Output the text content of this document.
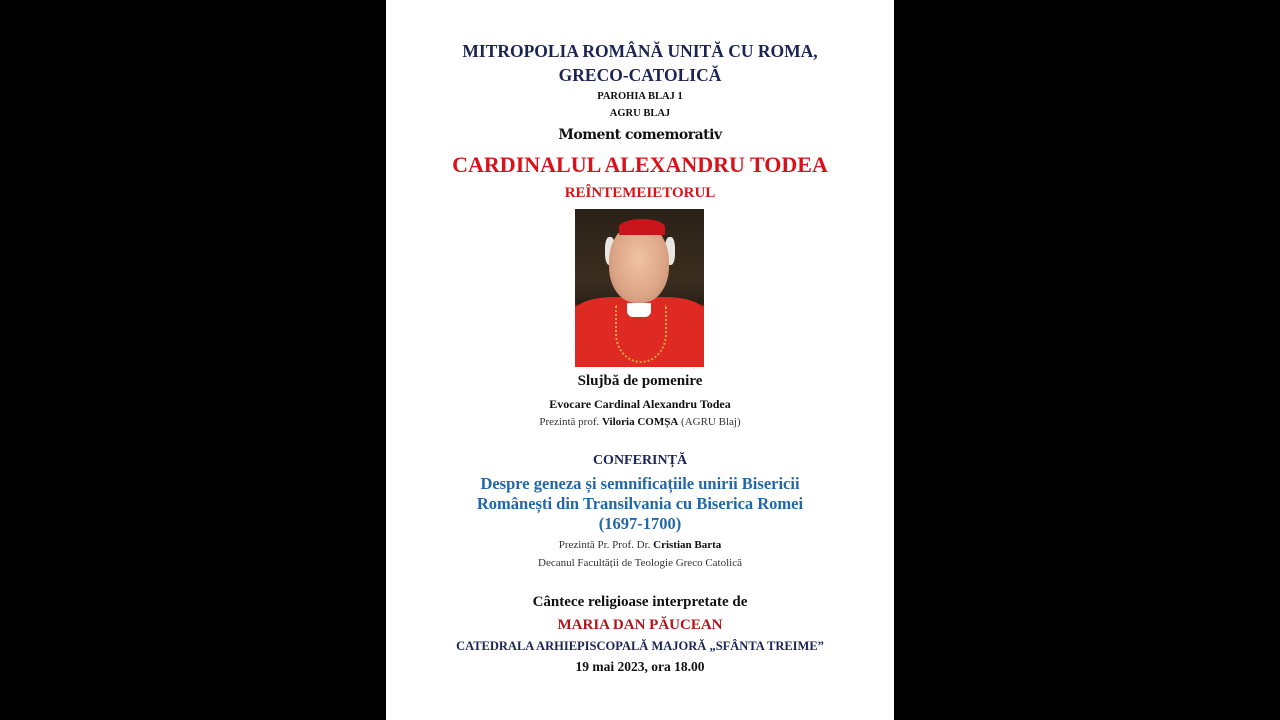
MITROPOLIA ROMÂNĂ UNITĂ CU ROMA,
GRECO-CATOLICĂ
PAROHIA BLAJ 1
AGRU BLAJ
Moment comemorativ
CARDINALUL ALEXANDRU TODEA
REÎNTEMEIETORUL
Slujbă de pomenire
Evocare Cardinal Alexandru Todea
Prezintă prof. Viloria COMȘA (AGRU Blaj)
CONFERINȚĂ
Despre geneza și semnificațiile unirii Bisericii
Românești din Transilvania cu Biserica Romei
(1697-1700)
Prezintă Pr. Prof. Dr. Cristian Barta
Decanul Facultății de Teologie Greco Catolică
Cântece religioase interpretate de
MARIA DAN PĂUCEAN
CATEDRALA ARHIEPISCOPALĂ MAJORĂ „SFÂNTA TREIME”
19 mai 2023, ora 18.00
